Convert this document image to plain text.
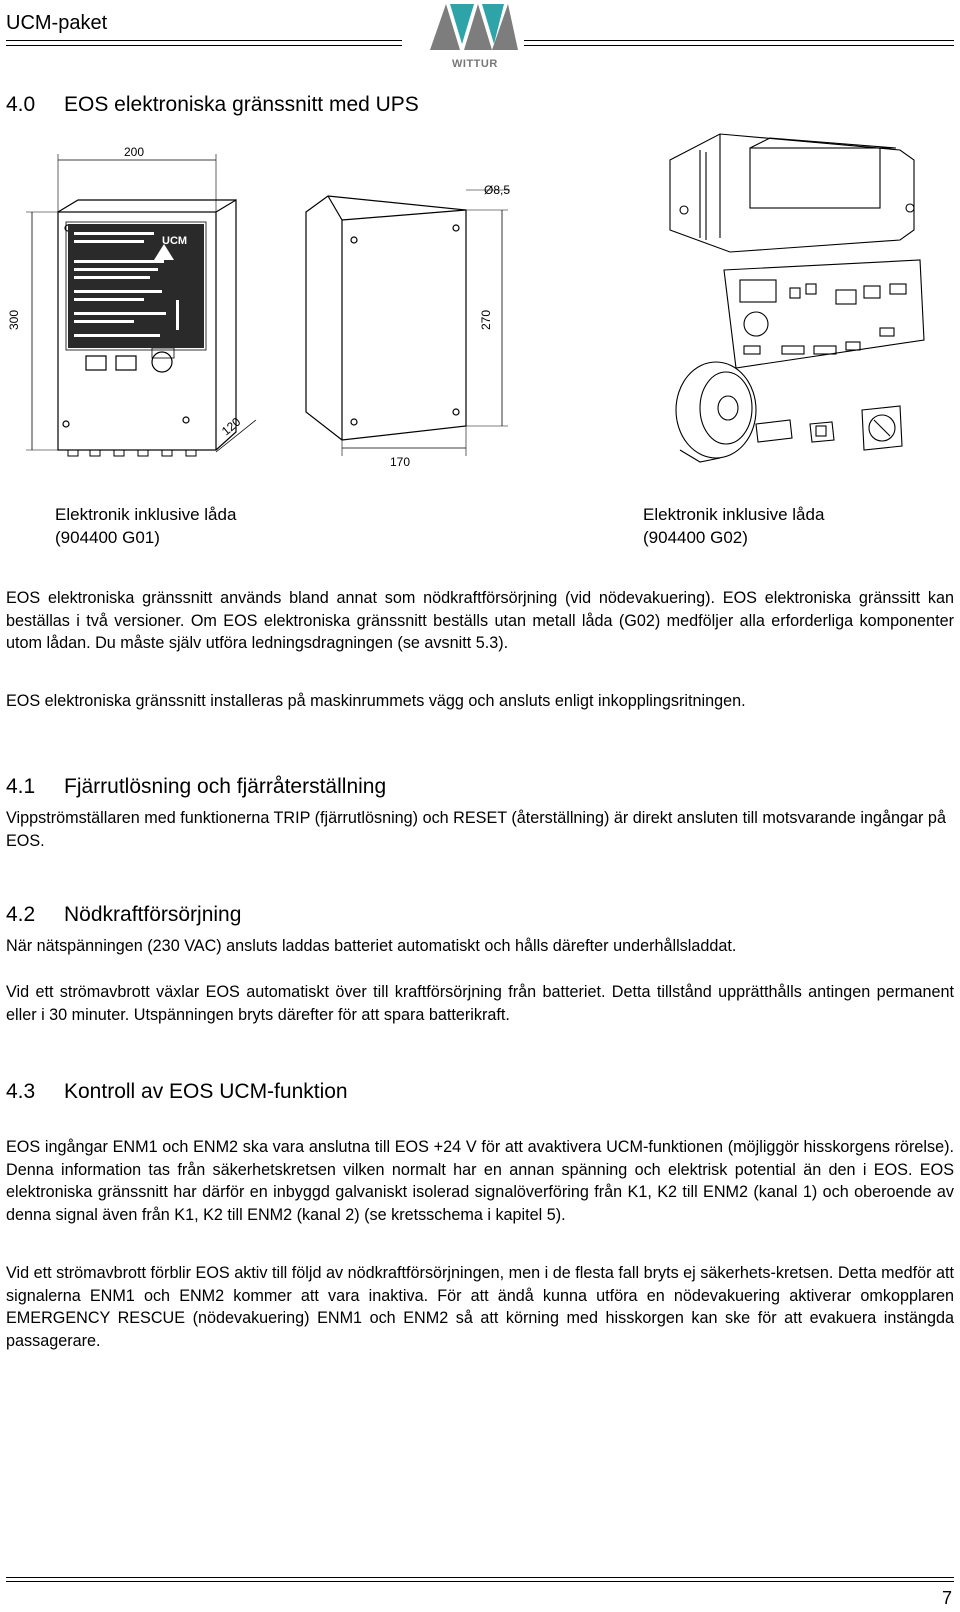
UCM-paket
WITTUR
4.0 EOS elektroniska gränssnitt med UPS
UCM
200
300
120
Ø8,5
270
170
Elektronik inklusive låda
(904400 G01)
Elektronik inklusive låda
(904400 G02)
EOS elektroniska gränssnitt används bland annat som nödkraftförsörjning (vid nödevakuering). EOS elektroniska gränssitt kan beställas i två versioner. Om EOS elektroniska gränssnitt beställs utan metall låda (G02) medföljer alla erforderliga komponenter utom lådan. Du måste själv utföra ledningsdragningen (se avsnitt 5.3).
EOS elektroniska gränssnitt installeras på maskinrummets vägg och ansluts enligt inkopplingsritningen.
4.1 Fjärrutlösning och fjärråterställning
Vippströmställaren med funktionerna TRIP (fjärrutlösning) och RESET (återställning) är direkt ansluten till motsvarande ingångar på EOS.
4.2 Nödkraftförsörjning
När nätspänningen (230 VAC) ansluts laddas batteriet automatiskt och hålls därefter underhållsladdat.
Vid ett strömavbrott växlar EOS automatiskt över till kraftförsörjning från batteriet. Detta tillstånd upprätthålls antingen permanent eller i 30 minuter. Utspänningen bryts därefter för att spara batterikraft.
4.3 Kontroll av EOS UCM-funktion
EOS ingångar ENM1 och ENM2 ska vara anslutna till EOS +24 V för att avaktivera UCM-funktionen (möjliggör hisskorgens rörelse). Denna information tas från säkerhetskretsen vilken normalt har en annan spänning och elektrisk potential än den i EOS. EOS elektroniska gränssnitt har därför en inbyggd galvaniskt isolerad signalöverföring från K1, K2 till ENM2 (kanal 1) och oberoende av denna signal även från K1, K2 till ENM2 (kanal 2) (se kretsschema i kapitel 5).
Vid ett strömavbrott förblir EOS aktiv till följd av nödkraftförsörjningen, men i de flesta fall bryts ej säkerhets-kretsen. Detta medför att signalerna ENM1 och ENM2 kommer att vara inaktiva. För att ändå kunna utföra en nödevakuering aktiverar omkopplaren EMERGENCY RESCUE (nödevakuering) ENM1 och ENM2 så att körning med hisskorgen kan ske för att evakuera instängda passagerare.
7
